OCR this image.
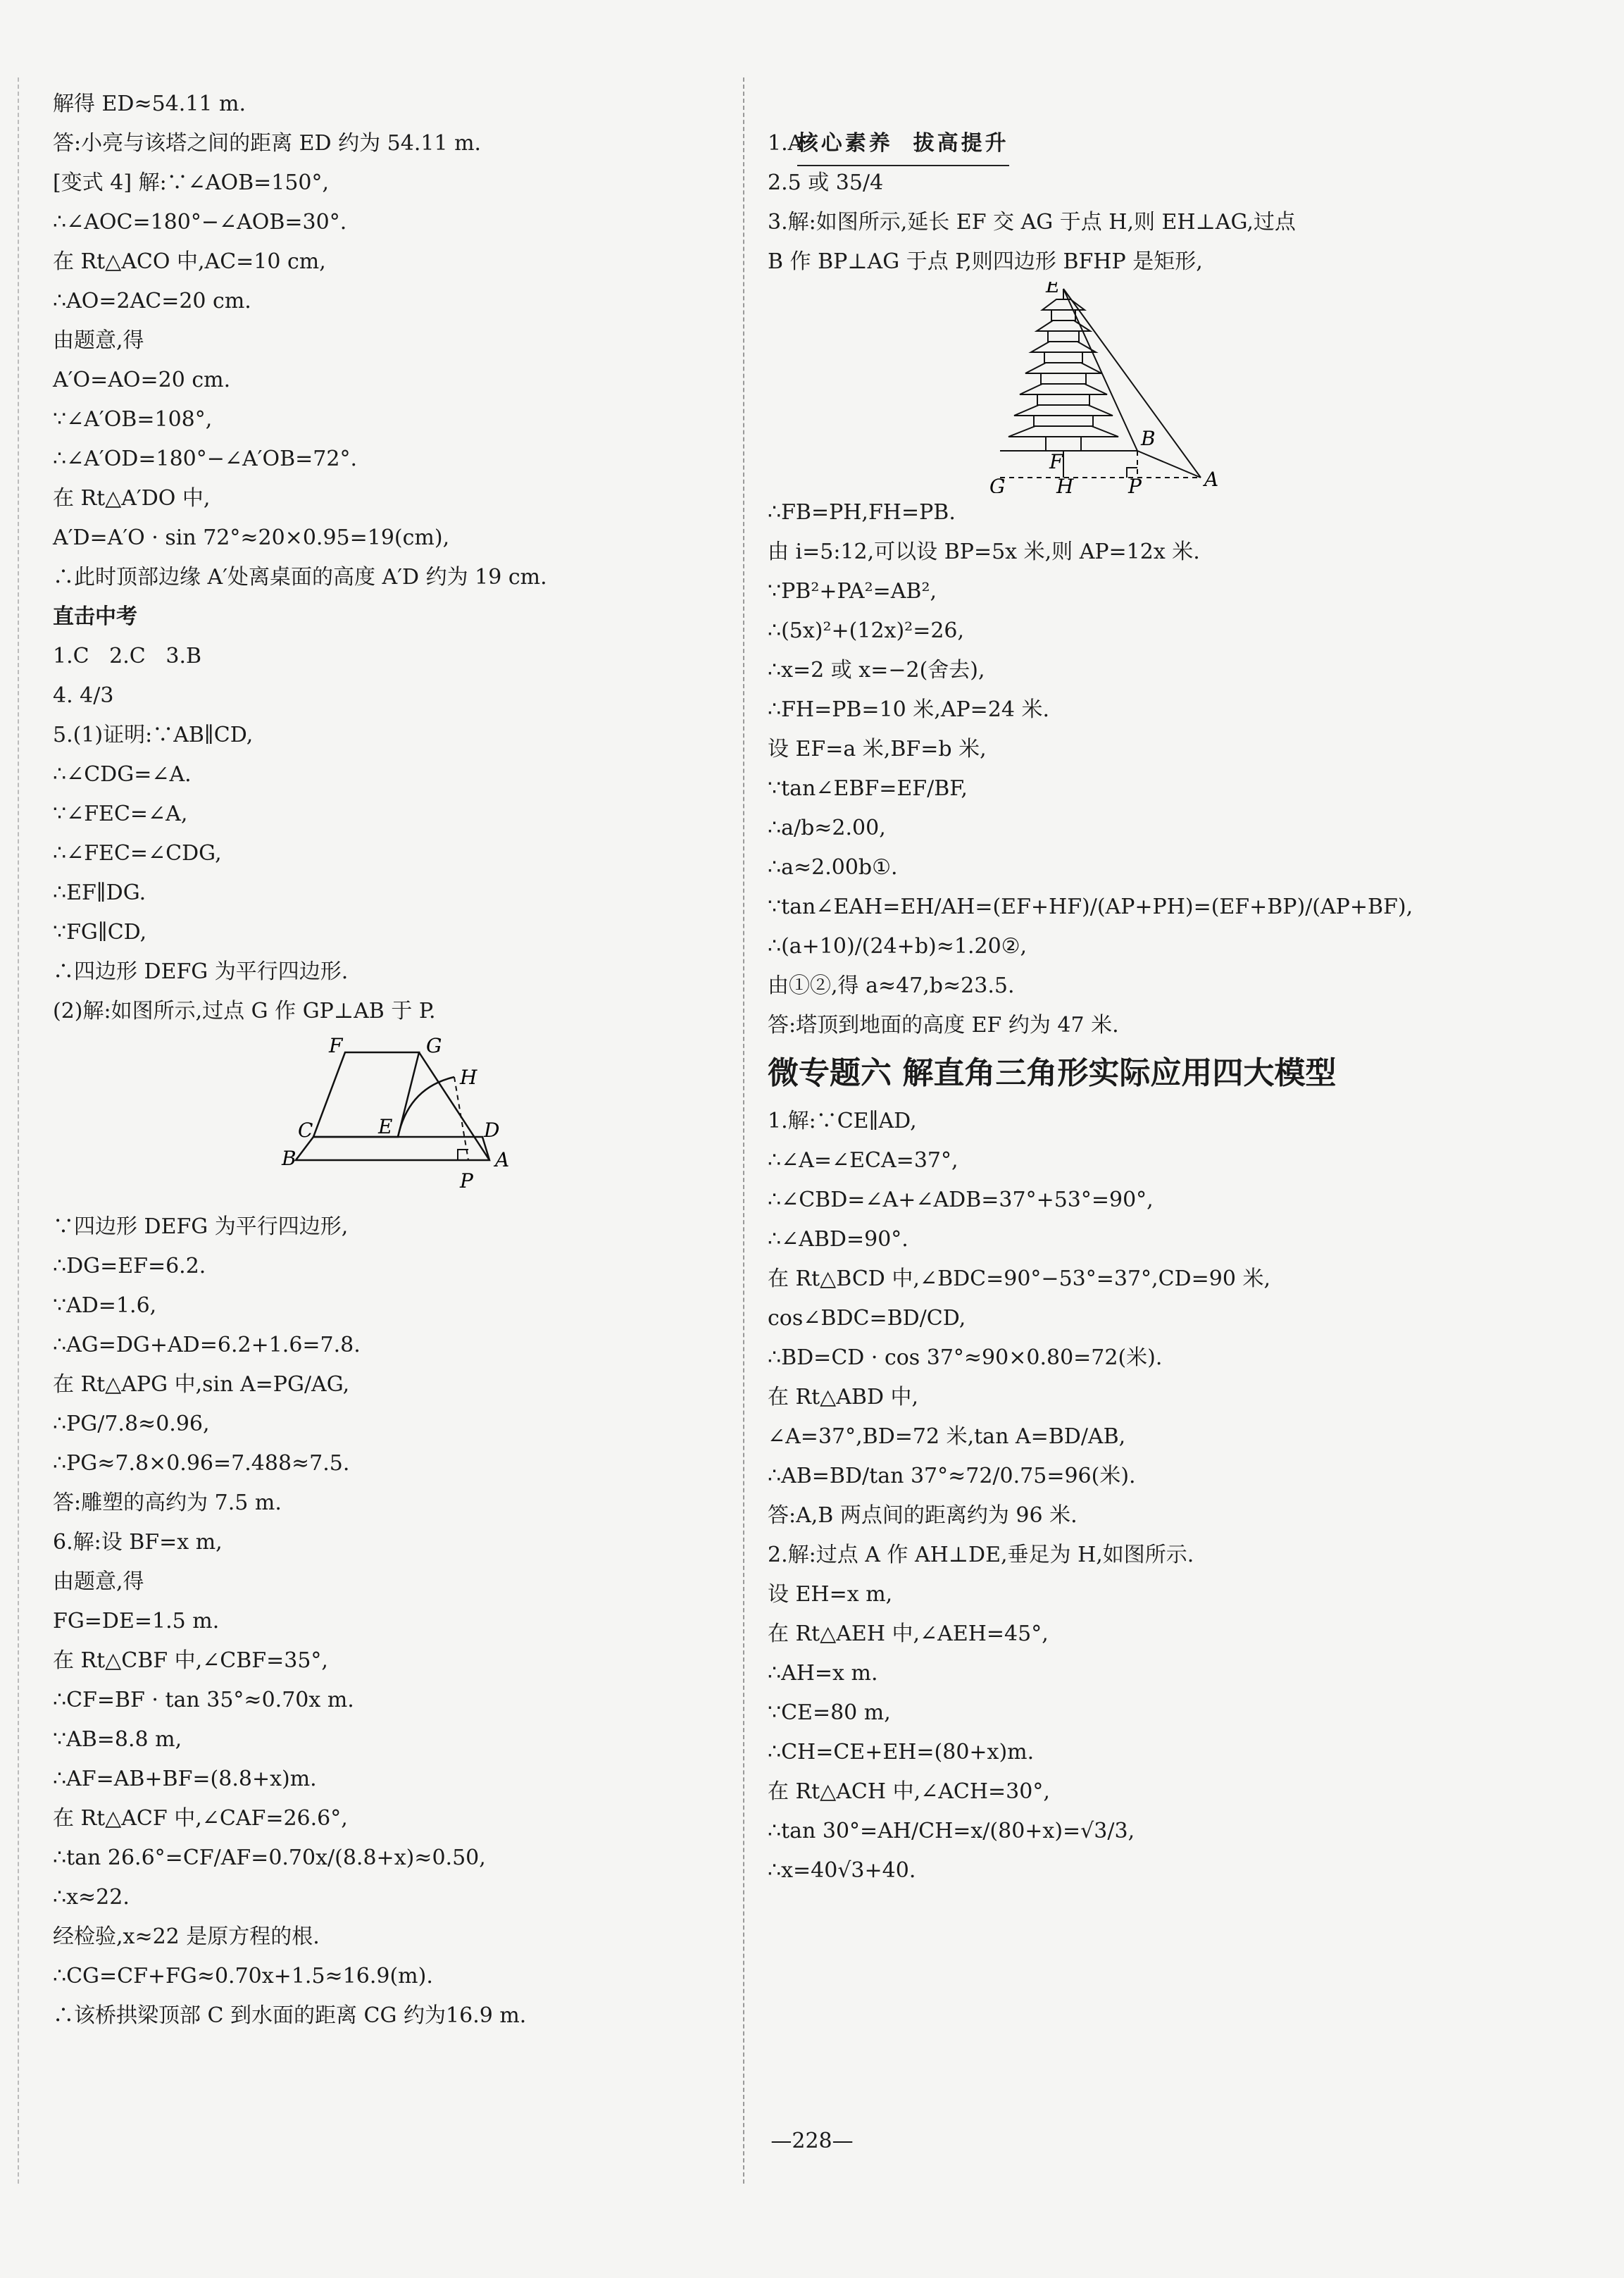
解得 ED≈54.11 m.
答:小亮与该塔之间的距离 ED 约为 54.11 m.
[变式 4] 解:∵∠AOB=150°,
∴∠AOC=180°−∠AOB=30°.
在 Rt△ACO 中,AC=10 cm,
∴AO=2AC=20 cm.
由题意,得
A′O=AO=20 cm.
∵∠A′OB=108°,
∴∠A′OD=180°−∠A′OB=72°.
在 Rt△A′DO 中,
A′D=A′O · sin 72°≈20×0.95=19(cm),
∴此时顶部边缘 A′处离桌面的高度 A′D 约为 19 cm.
直击中考
1.C   2.C   3.B
4. 4/3
5.(1)证明:∵AB∥CD,
∴∠CDG=∠A.
∵∠FEC=∠A,
∴∠FEC=∠CDG,
∴EF∥DG.
∵FG∥CD,
∴四边形 DEFG 为平行四边形.
(2)解:如图所示,过点 G 作 GP⊥AB 于 P.
F	G
H
C	E	D
B	A
P
∵四边形 DEFG 为平行四边形,
∴DG=EF=6.2.
∵AD=1.6,
∴AG=DG+AD=6.2+1.6=7.8.
在 Rt△APG 中,sin A=PG/AG,
∴PG/7.8≈0.96,
∴PG≈7.8×0.96=7.488≈7.5.
答:雕塑的高约为 7.5 m.
6.解:设 BF=x m,
由题意,得
FG=DE=1.5 m.
在 Rt△CBF 中,∠CBF=35°,
∴CF=BF · tan 35°≈0.70x m.
∵AB=8.8 m,
∴AF=AB+BF=(8.8+x)m.
在 Rt△ACF 中,∠CAF=26.6°,
∴tan 26.6°=CF/AF=0.70x/(8.8+x)≈0.50,
∴x≈22.
经检验,x≈22 是原方程的根.
∴CG=CF+FG≈0.70x+1.5≈16.9(m).
∴该桥拱梁顶部 C 到水面的距离 CG 约为16.9 m.

核心素养  拔高提升

1.A
2.5 或 35/4
3.解:如图所示,延长 EF 交 AG 于点 H,则 EH⊥AG,过点
B 作 BP⊥AG 于点 P,则四边形 BFHP 是矩形,
E
F
B
G	H	P	A
∴FB=PH,FH=PB.
由 i=5:12,可以设 BP=5x 米,则 AP=12x 米.
∵PB²+PA²=AB²,
∴(5x)²+(12x)²=26,
∴x=2 或 x=−2(舍去),
∴FH=PB=10 米,AP=24 米.
设 EF=a 米,BF=b 米,
∵tan∠EBF=EF/BF,
∴a/b≈2.00,
∴a≈2.00b①.
∵tan∠EAH=EH/AH=(EF+HF)/(AP+PH)=(EF+BP)/(AP+BF),
∴(a+10)/(24+b)≈1.20②,
由①②,得 a≈47,b≈23.5.
答:塔顶到地面的高度 EF 约为 47 米.
微专题六 解直角三角形实际应用四大模型
1.解:∵CE∥AD,
∴∠A=∠ECA=37°,
∴∠CBD=∠A+∠ADB=37°+53°=90°,
∴∠ABD=90°.
在 Rt△BCD 中,∠BDC=90°−53°=37°,CD=90 米,
cos∠BDC=BD/CD,
∴BD=CD · cos 37°≈90×0.80=72(米).
在 Rt△ABD 中,
∠A=37°,BD=72 米,tan A=BD/AB,
∴AB=BD/tan 37°≈72/0.75=96(米).
答:A,B 两点间的距离约为 96 米.
2.解:过点 A 作 AH⊥DE,垂足为 H,如图所示.
设 EH=x m,
在 Rt△AEH 中,∠AEH=45°,
∴AH=x m.
∵CE=80 m,
∴CH=CE+EH=(80+x)m.
在 Rt△ACH 中,∠ACH=30°,
∴tan 30°=AH/CH=x/(80+x)=√3/3,
∴x=40√3+40.
—228—
